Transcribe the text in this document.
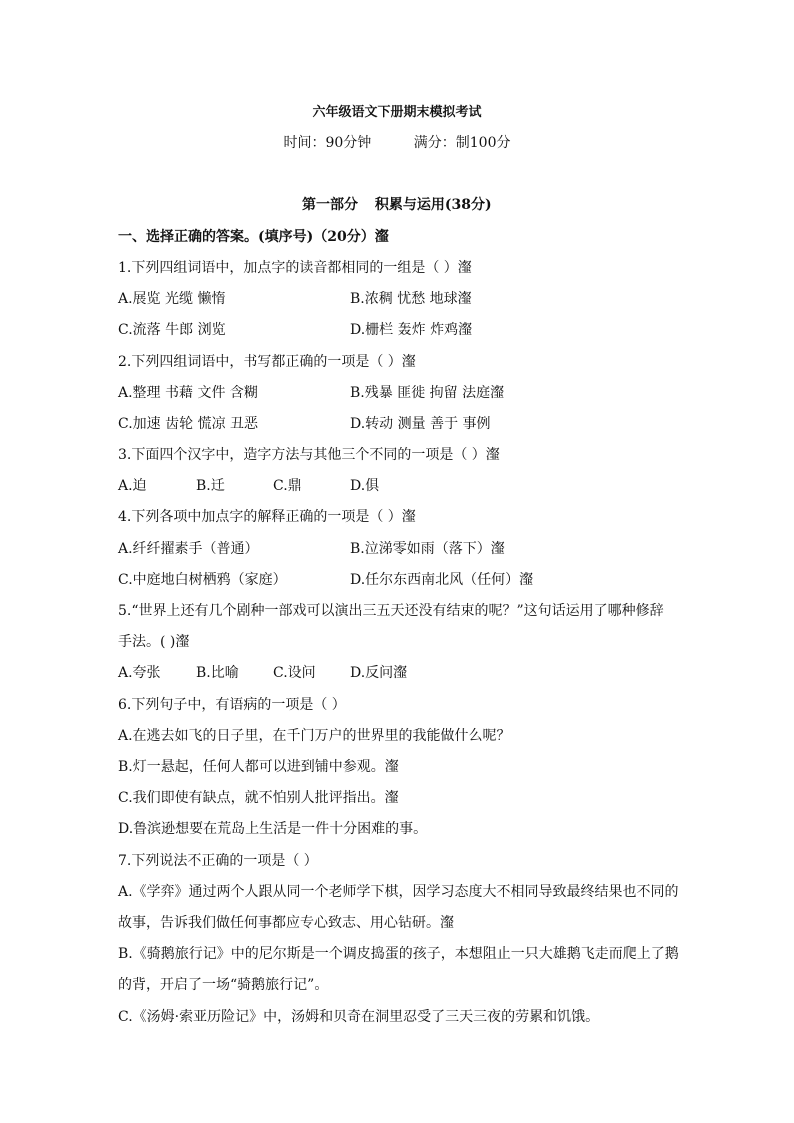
六年级语文下册期末模拟考试
时间：90分钟	满分：制100分
第一部分 积累与运用(38分)
一、选择正确的答案。(填序号)（20分）瀣
1.下列四组词语中，加点字的读音都相同的一组是（ ）瀣
A.展览 光缆 懒惰	B.浓稠 忧愁 地球瀣
C.流落 牛郎 浏览	D.栅栏 轰炸 炸鸡瀣
2.下列四组词语中，书写都正确的一项是（ ）瀣
A.整理 书藉 文件 含糊	B.残暴 匪徙 拘留 法庭瀣
C.加速 齿轮 慌凉 丑恶	D.转动 测量 善于 事例
3.下面四个汉字中，造字方法与其他三个不同的一项是（ ）瀣
A.迫	B.迁	C.鼎	D.俱
4.下列各项中加点字的解释正确的一项是（ ）瀣
A.纤纤擢素手（普通）	B.泣涕零如雨（落下）瀣
C.中庭地白树栖鸦（家庭）	D.任尔东西南北风（任何）瀣
5.“世界上还有几个剧种一部戏可以演出三五天还没有结束的呢？”这句话运用了哪种修辞
手法。( )瀣
A.夸张	B.比喻 C.设问 D.反问瀣
6.下列句子中，有语病的一项是（ ）
A.在逃去如飞的日子里，在千门万户的世界里的我能做什么呢？
B.灯一悬起，任何人都可以进到铺中参观。瀣
C.我们即使有缺点，就不怕别人批评指出。瀣
D.鲁滨逊想要在荒岛上生活是一件十分困难的事。
7.下列说法不正确的一项是（ ）
A.《学弈》通过两个人跟从同一个老师学下棋，因学习态度大不相同导致最终结果也不同的
故事，告诉我们做任何事都应专心致志、用心钻研。瀣
B.《骑鹅旅行记》中的尼尔斯是一个调皮捣蛋的孩子，本想阻止一只大雄鹅飞走而爬上了鹅
的背，开启了一场“骑鹅旅行记”。
C.《汤姆·索亚历险记》中，汤姆和贝奇在洞里忍受了三天三夜的劳累和饥饿。
